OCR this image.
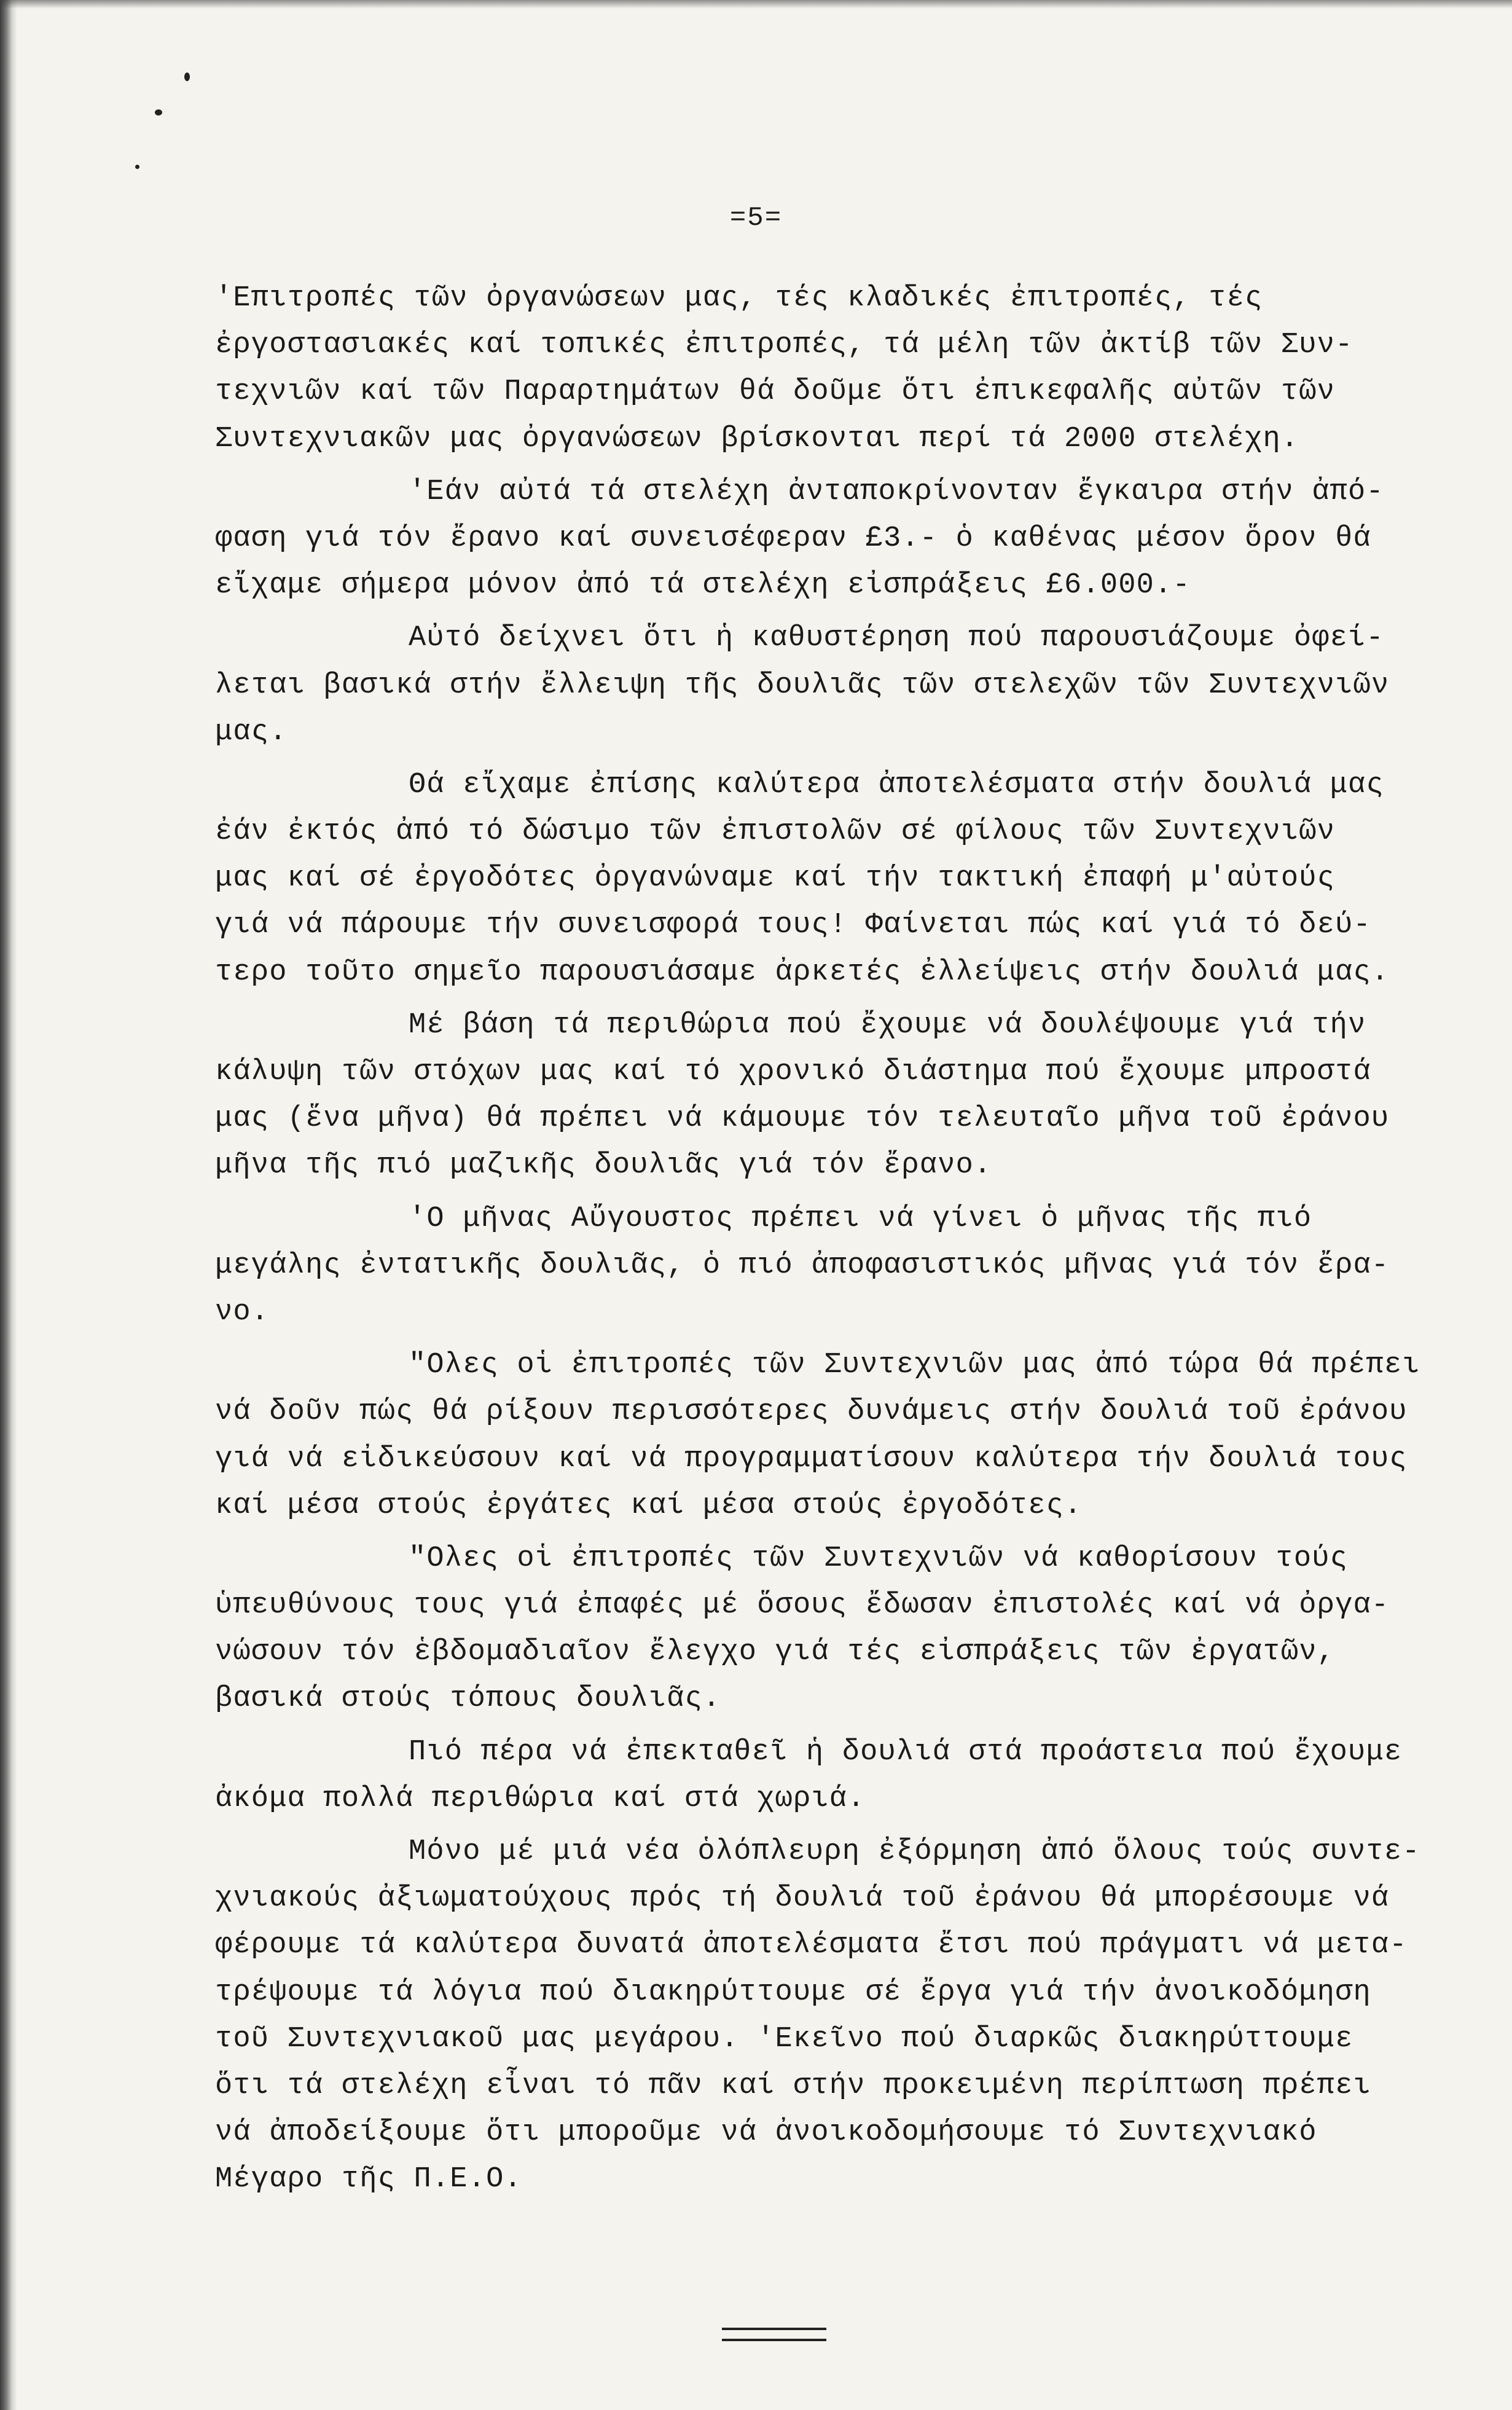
=5=
'Επιτροπές τῶν ὀργανώσεων μας, τές κλαδικές ἐπιτροπές, τές
ἐργοστασιακές καί τοπικές ἐπιτροπές, τά μέλη τῶν ἀκτίβ τῶν Συν-
τεχνιῶν καί τῶν Παραρτημάτων θά δοῦμε ὅτι ἐπικεφαλῆς αὐτῶν τῶν
Συντεχνιακῶν μας ὀργανώσεων βρίσκονται περί τά 2000 στελέχη.
'Εάν αὐτά τά στελέχη ἀνταποκρίνονταν ἔγκαιρα στήν ἀπό-
φαση γιά τόν ἔρανο καί συνεισέφεραν £3.- ὁ καθένας μέσον ὅρον θά
εἴχαμε σήμερα μόνον ἀπό τά στελέχη εἰσπράξεις £6.000.-
Αὐτό δείχνει ὅτι ἡ καθυστέρηση πού παρουσιάζουμε ὀφεί-
λεται βασικά στήν ἔλλειψη τῆς δουλιᾶς τῶν στελεχῶν τῶν Συντεχνιῶν
μας.
Θά εἴχαμε ἐπίσης καλύτερα ἀποτελέσματα στήν δουλιά μας
ἐάν ἐκτός ἀπό τό δώσιμο τῶν ἐπιστολῶν σέ φίλους τῶν Συντεχνιῶν
μας καί σέ ἐργοδότες ὀργανώναμε καί τήν τακτική ἐπαφή μ'αὐτούς
γιά νά πάρουμε τήν συνεισφορά τους! Φαίνεται πώς καί γιά τό δεύ-
τερο τοῦτο σημεῖο παρουσιάσαμε ἀρκετές ἐλλείψεις στήν δουλιά μας.
Μέ βάση τά περιθώρια πού ἔχουμε νά δουλέψουμε γιά τήν
κάλυψη τῶν στόχων μας καί τό χρονικό διάστημα πού ἔχουμε μπροστά
μας (ἕνα μῆνα) θά πρέπει νά κάμουμε τόν τελευταῖο μῆνα τοῦ ἐράνου
μῆνα τῆς πιό μαζικῆς δουλιᾶς γιά τόν ἔρανο.
'Ο μῆνας Αὔγουστος πρέπει νά γίνει ὁ μῆνας τῆς πιό
μεγάλης ἐντατικῆς δουλιᾶς, ὁ πιό ἀποφασιστικός μῆνας γιά τόν ἔρα-
νο.
"Ολες οἱ ἐπιτροπές τῶν Συντεχνιῶν μας ἀπό τώρα θά πρέπει
νά δοῦν πώς θά ρίξουν περισσότερες δυνάμεις στήν δουλιά τοῦ ἐράνου
γιά νά εἰδικεύσουν καί νά προγραμματίσουν καλύτερα τήν δουλιά τους
καί μέσα στούς ἐργάτες καί μέσα στούς ἐργοδότες.
"Ολες οἱ ἐπιτροπές τῶν Συντεχνιῶν νά καθορίσουν τούς
ὑπευθύνους τους γιά ἐπαφές μέ ὅσους ἔδωσαν ἐπιστολές καί νά ὀργα-
νώσουν τόν ἑβδομαδιαῖον ἔλεγχο γιά τές εἰσπράξεις τῶν ἐργατῶν,
βασικά στούς τόπους δουλιᾶς.
Πιό πέρα νά ἐπεκταθεῖ ἡ δουλιά στά προάστεια πού ἔχουμε
ἀκόμα πολλά περιθώρια καί στά χωριά.
Μόνο μέ μιά νέα ὁλόπλευρη ἐξόρμηση ἀπό ὅλους τούς συντε-
χνιακούς ἀξιωματούχους πρός τή δουλιά τοῦ ἐράνου θά μπορέσουμε νά
φέρουμε τά καλύτερα δυνατά ἀποτελέσματα ἔτσι πού πράγματι νά μετα-
τρέψουμε τά λόγια πού διακηρύττουμε σέ ἔργα γιά τήν ἀνοικοδόμηση
τοῦ Συντεχνιακοῦ μας μεγάρου. 'Εκεῖνο πού διαρκῶς διακηρύττουμε
ὅτι τά στελέχη εἶναι τό πᾶν καί στήν προκειμένη περίπτωση πρέπει
νά ἀποδείξουμε ὅτι μποροῦμε νά ἀνοικοδομήσουμε τό Συντεχνιακό
Μέγαρο τῆς Π.Ε.Ο.
